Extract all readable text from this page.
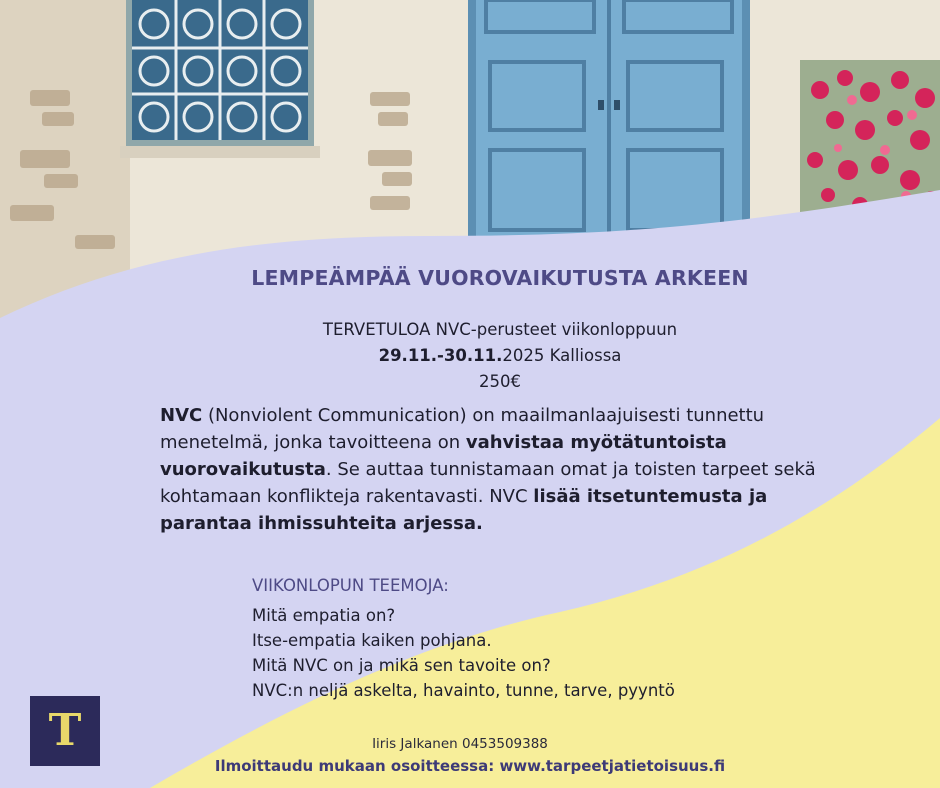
LEMPEÄMPÄÄ VUOROVAIKUTUSTA ARKEEN
TERVETULOA NVC-perusteet viikonloppuun
29.11.-30.11.2025 Kalliossa
250€
NVC (Nonviolent Communication) on maailmanlaajuisesti tunnettu menetelmä, jonka tavoitteena on vahvistaa myötätuntoista vuorovaikutusta. Se auttaa tunnistamaan omat ja toisten tarpeet sekä kohtamaan konflikteja rakentavasti. NVC lisää itsetuntemusta ja parantaa ihmissuhteita arjessa.
VIIKONLOPUN TEEMOJA:
Mitä empatia on?
Itse-empatia kaiken pohjana.
Mitä NVC on ja mikä sen tavoite on?
NVC:n neljä askelta, havainto, tunne, tarve, pyyntö
T	Iiris Jalkanen 0453509388
Ilmoittaudu mukaan osoitteessa: www.tarpeetjatietoisuus.fi
